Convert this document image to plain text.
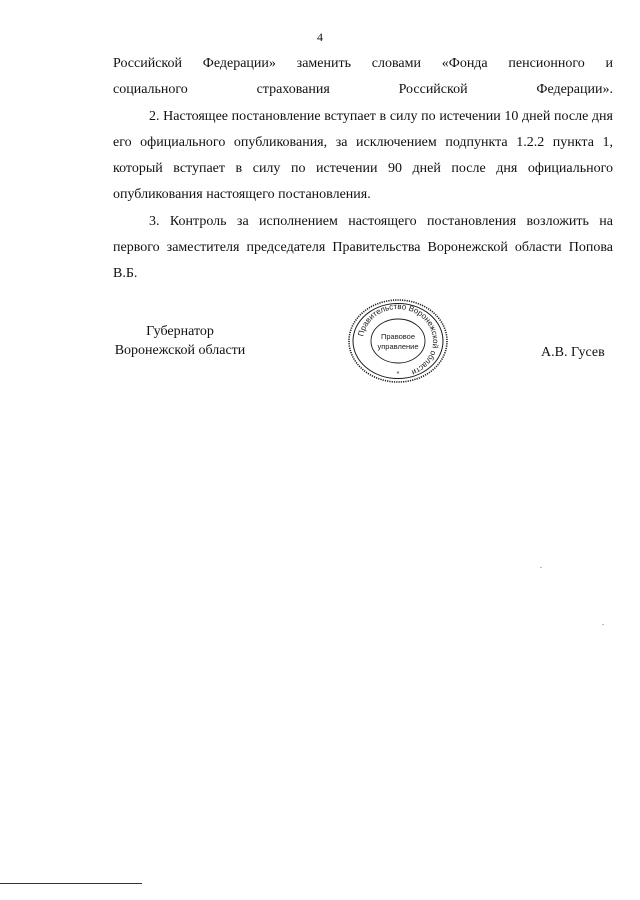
4

Российской Федерации» заменить словами «Фонда пенсионного и
социального страхования Российской Федерации».

2. Настоящее постановление вступает в силу по истечении 10 дней после дня его официального опубликования, за исключением подпункта 1.2.2 пункта 1, который вступает в силу по истечении 90 дней после дня официального опубликования настоящего постановления.

3. Контроль за исполнением настоящего постановления возложить на первого заместителя председателя Правительства Воронежской области Попова В.Б.

Губернатор
Воронежской области
Правительство Воронежской области
Правовое
управление
*
А.В. Гусев
